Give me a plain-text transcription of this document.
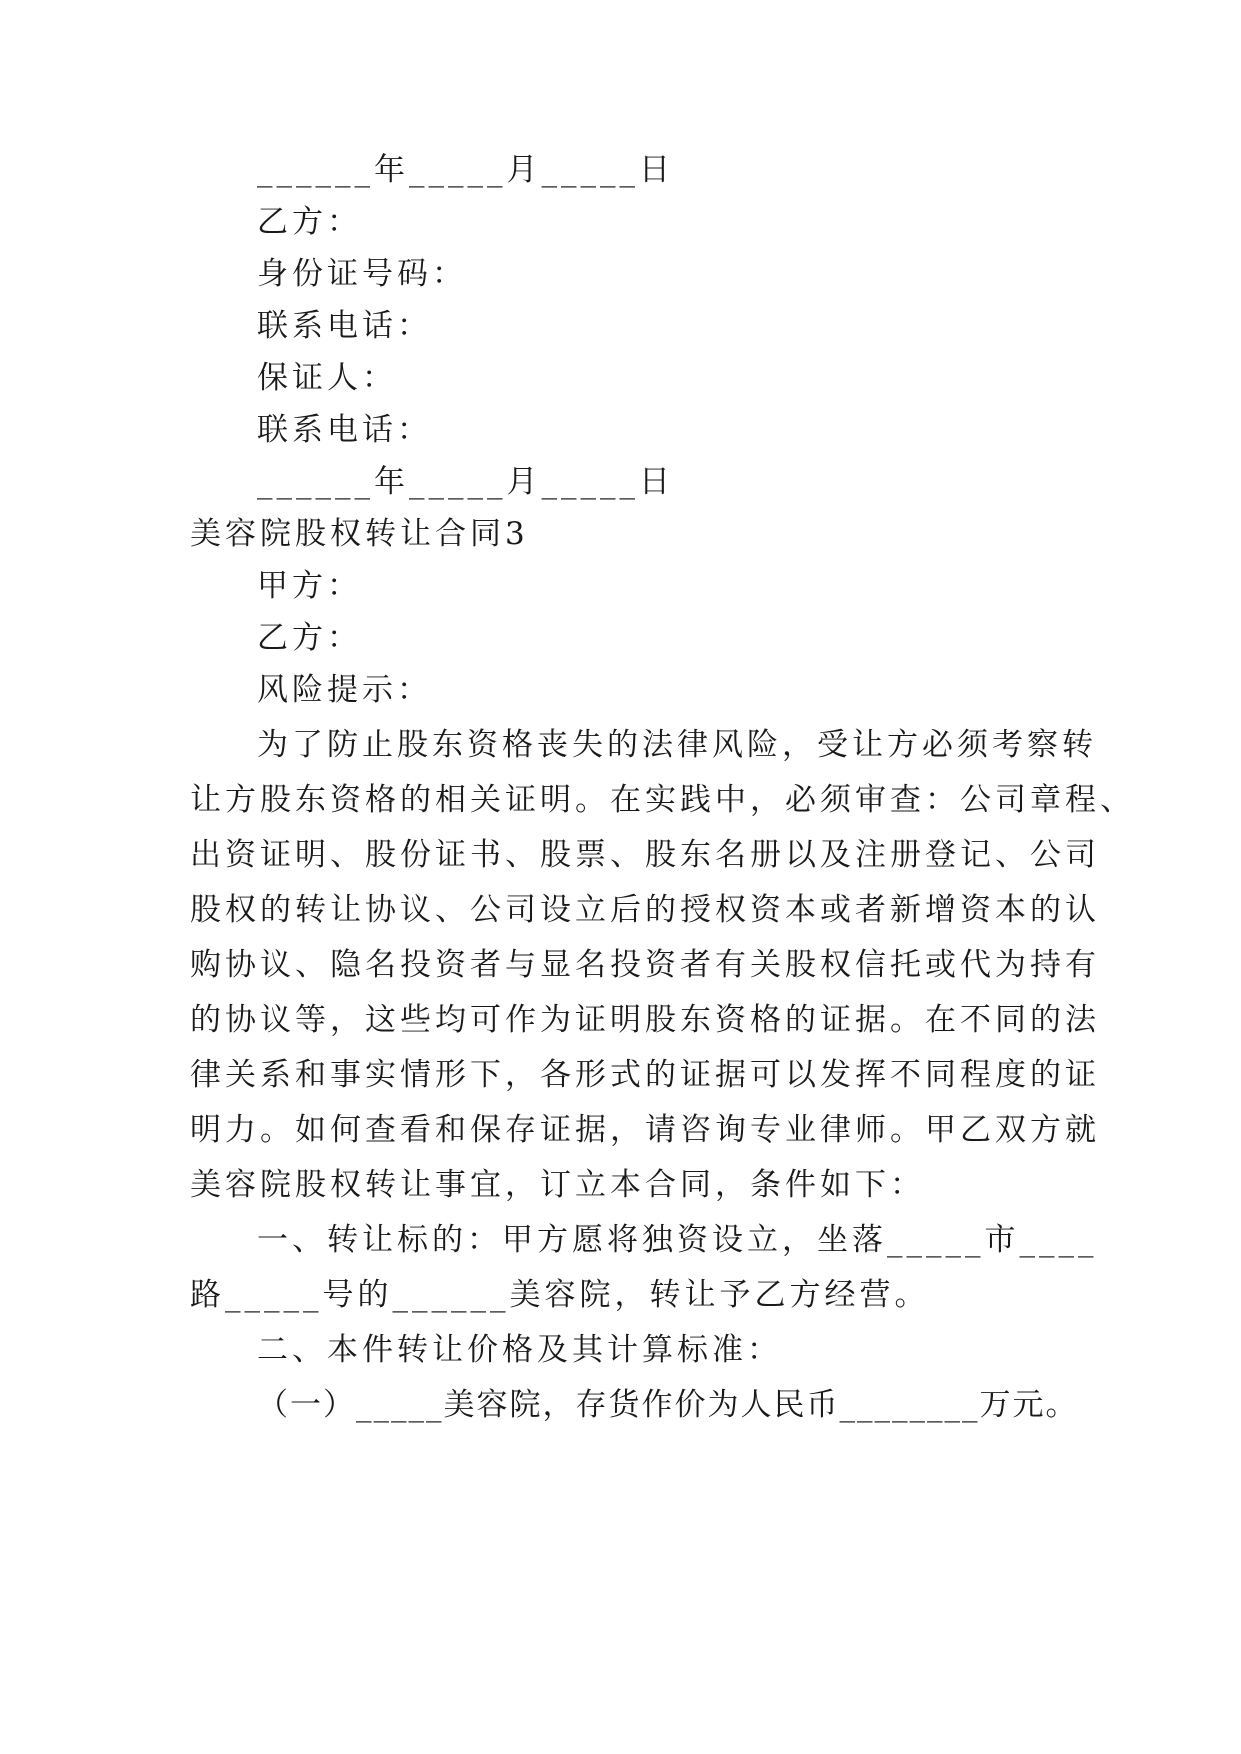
______年_____月_____日
乙方：
身份证号码：
联系电话：
保证人：
联系电话：
______年_____月_____日
美容院股权转让合同3
甲方：
乙方：
风险提示：
为了防止股东资格丧失的法律风险，受让方必须考察转
让方股东资格的相关证明。在实践中，必须审查：公司章程、
出资证明、股份证书、股票、股东名册以及注册登记、公司
股权的转让协议、公司设立后的授权资本或者新增资本的认
购协议、隐名投资者与显名投资者有关股权信托或代为持有
的协议等，这些均可作为证明股东资格的证据。在不同的法
律关系和事实情形下，各形式的证据可以发挥不同程度的证
明力。如何查看和保存证据，请咨询专业律师。甲乙双方就
美容院股权转让事宜，订立本合同，条件如下：
一、转让标的：甲方愿将独资设立，坐落_____市____
路_____号的______美容院，转让予乙方经营。
二、本件转让价格及其计算标准：
（一）_____美容院，存货作价为人民币________万元。
